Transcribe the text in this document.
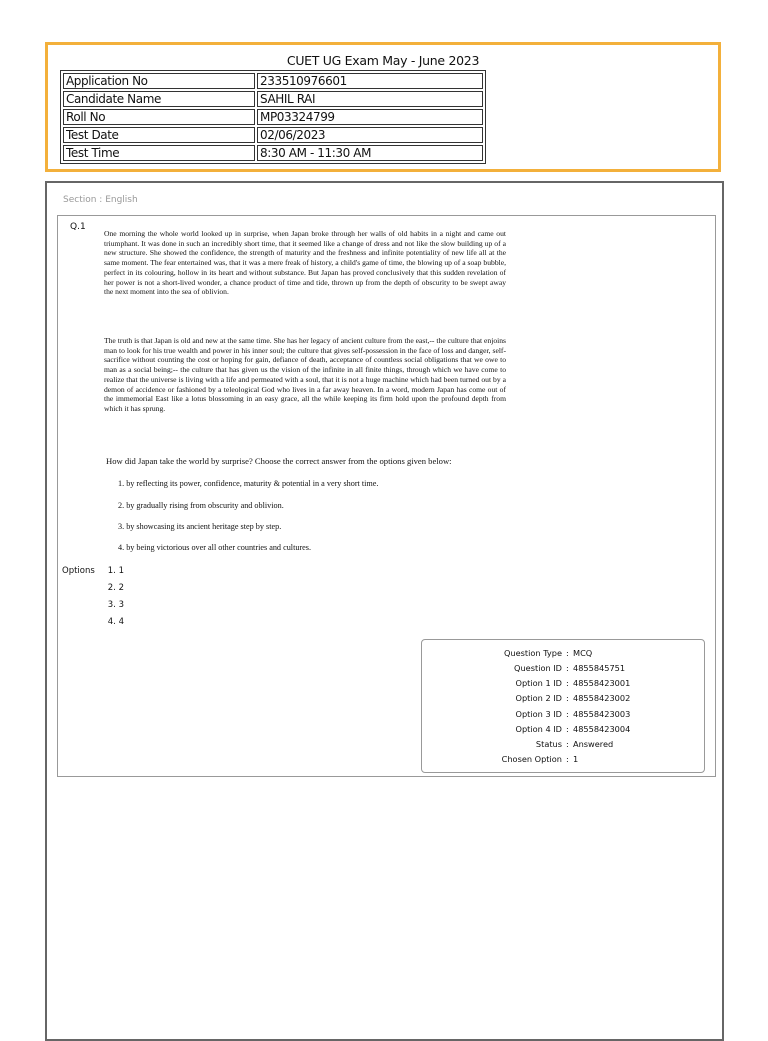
CUET UG Exam May - June 2023
Application No	233510976601
Candidate Name	SAHIL RAI
Roll No	MP03324799
Test Date	02/06/2023
Test Time	8:30 AM - 11:30 AM
Section : English
Q.1

One morning the whole world looked up in surprise, when Japan broke through her walls of old habits in a night and came out triumphant. It was done in such an incredibly short time, that it seemed like a change of dress and not like the slow building up of a new structure. She showed the confidence, the strength of maturity and the freshness and infinite potentiality of new life all at the same moment. The fear entertained was, that it was a mere freak of history, a child's game of time, the blowing up of a soap bubble, perfect in its colouring, hollow in its heart and without substance. But Japan has proved conclusively that this sudden revelation of her power is not a short-lived wonder, a chance product of time and tide, thrown up from the depth of obscurity to be swept away the next moment into the sea of oblivion.

The truth is that Japan is old and new at the same time. She has her legacy of ancient culture from the east,-- the culture that enjoins man to look for his true wealth and power in his inner soul; the culture that gives self-possession in the face of loss and danger, self-sacrifice without counting the cost or hoping for gain, defiance of death, acceptance of countless social obligations that we owe to man as a social being;-- the culture that has given us the vision of the infinite in all finite things, through which we have come to realize that the universe is living with a life and permeated with a soul, that it is not a huge machine which had been turned out by a demon of accidence or fashioned by a teleological God who lives in a far away heaven. In a word, modern Japan has come out of the immemorial East like a lotus blossoming in an easy grace, all the while keeping its firm hold upon the profound depth from which it has sprung.

How did Japan take the world by surprise? Choose the correct answer from the options given below:
1. by reflecting its power, confidence, maturity & potential in a very short time.
2. by gradually rising from obscurity and oblivion.
3. by showcasing its ancient heritage step by step.
4. by being victorious over all other countries and cultures.
Options	1. 1
2. 2
3. 3
4. 4
Question Type : MCQ
Question ID : 4855845751
Option 1 ID : 48558423001
Option 2 ID : 48558423002
Option 3 ID : 48558423003
Option 4 ID : 48558423004
Status : Answered
Chosen Option : 1
